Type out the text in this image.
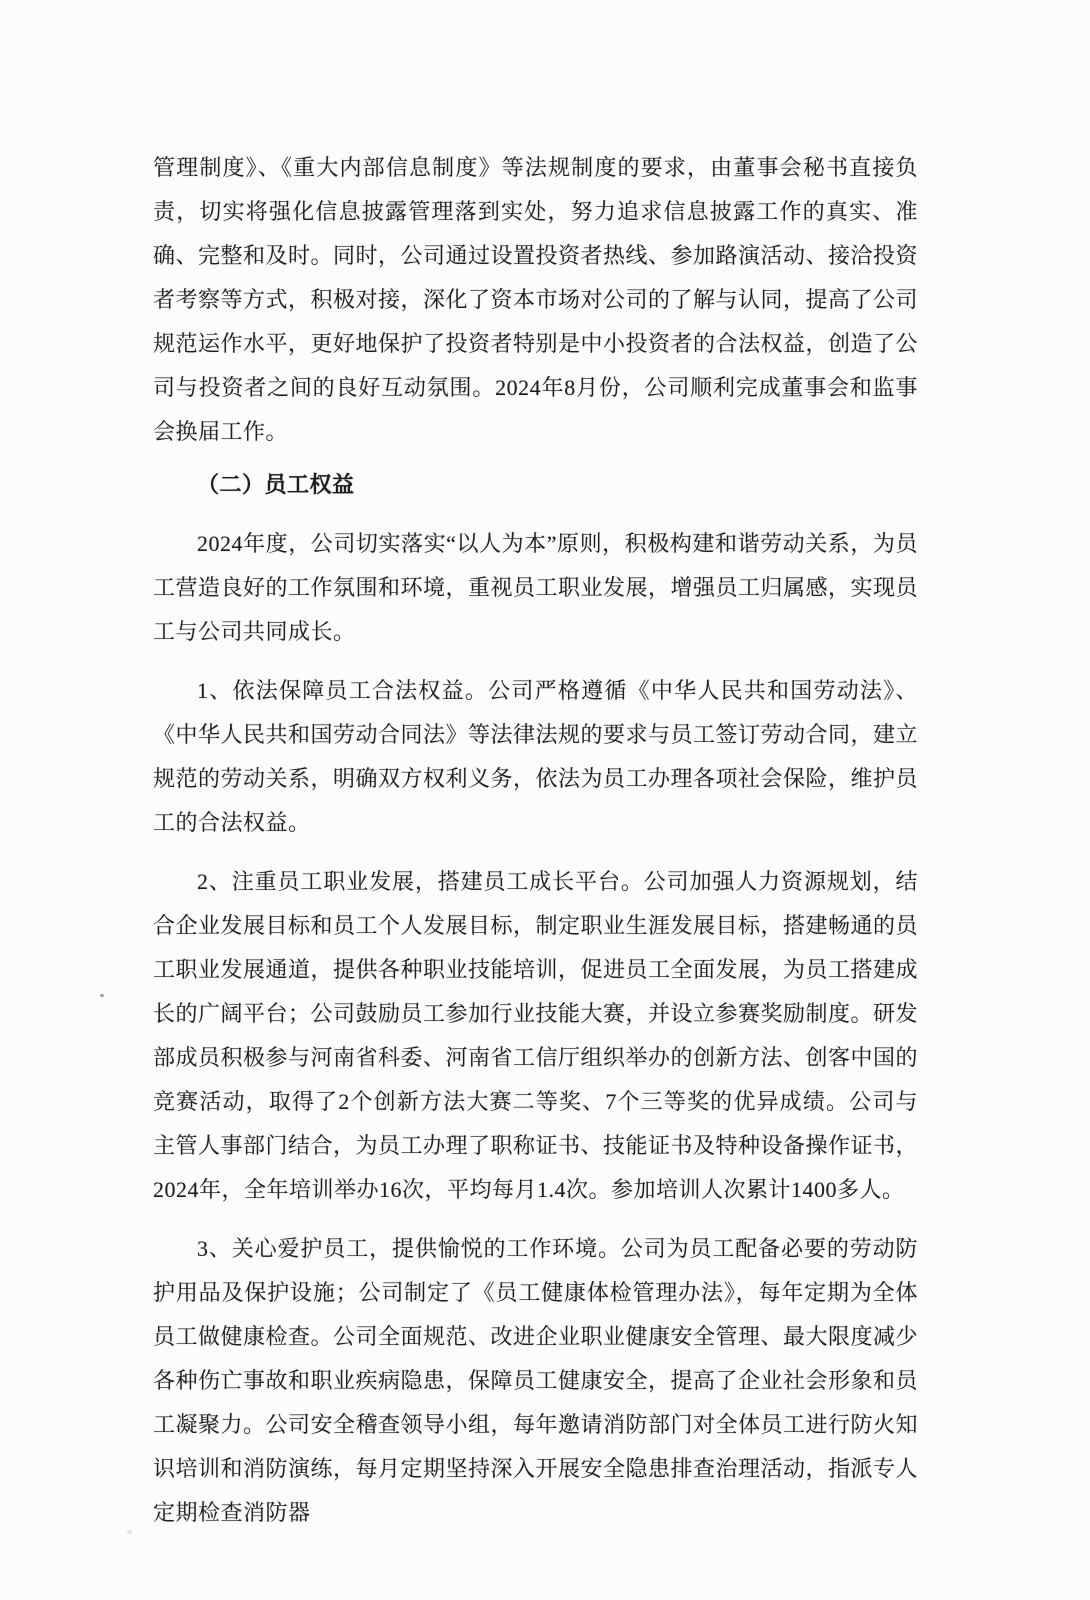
管理制度》、《重大内部信息制度》等法规制度的要求，由董事会秘书直接负责，切实将强化信息披露管理落到实处，努力追求信息披露工作的真实、准确、完整和及时。同时，公司通过设置投资者热线、参加路演活动、接洽投资者考察等方式，积极对接，深化了资本市场对公司的了解与认同，提高了公司规范运作水平，更好地保护了投资者特别是中小投资者的合法权益，创造了公司与投资者之间的良好互动氛围。2024年8月份，公司顺利完成董事会和监事会换届工作。

（二）员工权益

2024年度，公司切实落实“以人为本”原则，积极构建和谐劳动关系，为员工营造良好的工作氛围和环境，重视员工职业发展，增强员工归属感，实现员工与公司共同成长。

1、依法保障员工合法权益。公司严格遵循《中华人民共和国劳动法》、《中华人民共和国劳动合同法》等法律法规的要求与员工签订劳动合同，建立规范的劳动关系，明确双方权利义务，依法为员工办理各项社会保险，维护员工的合法权益。

2、注重员工职业发展，搭建员工成长平台。公司加强人力资源规划，结合企业发展目标和员工个人发展目标，制定职业生涯发展目标，搭建畅通的员工职业发展通道，提供各种职业技能培训，促进员工全面发展，为员工搭建成长的广阔平台；公司鼓励员工参加行业技能大赛，并设立参赛奖励制度。研发部成员积极参与河南省科委、河南省工信厅组织举办的创新方法、创客中国的竞赛活动，取得了2个创新方法大赛二等奖、7个三等奖的优异成绩。公司与主管人事部门结合，为员工办理了职称证书、技能证书及特种设备操作证书，2024年，全年培训举办16次，平均每月1.4次。参加培训人次累计1400多人。

3、关心爱护员工，提供愉悦的工作环境。公司为员工配备必要的劳动防护用品及保护设施；公司制定了《员工健康体检管理办法》，每年定期为全体员工做健康检查。公司全面规范、改进企业职业健康安全管理、最大限度减少各种伤亡事故和职业疾病隐患，保障员工健康安全，提高了企业社会形象和员工凝聚力。公司安全稽查领导小组，每年邀请消防部门对全体员工进行防火知识培训和消防演练，每月定期坚持深入开展安全隐患排查治理活动，指派专人定期检查消防器
